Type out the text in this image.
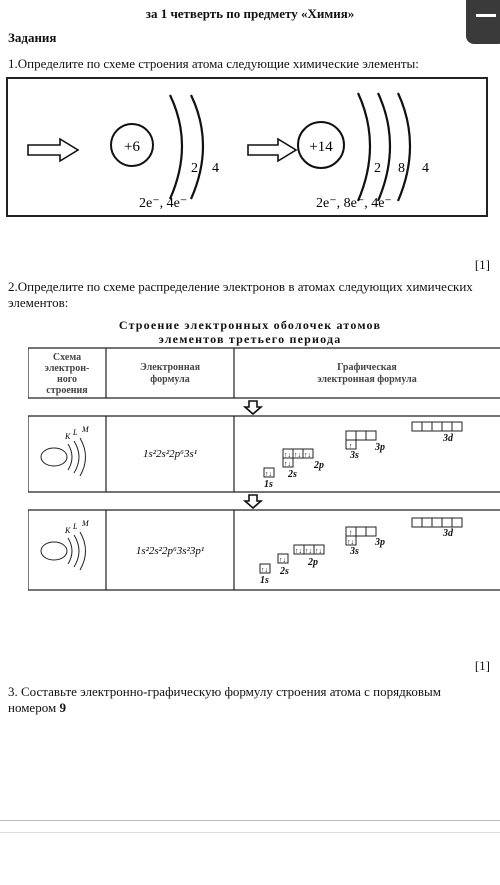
за 1 четверть по предмету «Химия»
Задания
1.Определите по схеме строения атома следующие химические элементы:
+6
2 4
2e⁻, 4e⁻
+14
2 8 4
2e⁻, 8e⁻, 4e⁻
[1]
2.Определите по схеме распределение электронов в атомах следующих химических элементов:
Строение электронных оболочек атомов
элементов третьего периода
Схема
электрон-
ного
строения
Электронная
формула
Графическая
электронная формула
K L M
1s²2s²2p⁶3s¹
K L M
1s²2s²2p⁶3s²3p¹
↑↓
↑↓
↑↓ ↑↓ ↑↓
↑
1s
2s
2p
3s
3p
3d
↑↓
↑↓
↑↓ ↑↓ ↑↓
↑↓
↑
1s
2s
2p
3s
3p
3d
[1]
3. Составьте электронно-графическую формулу строения атома с порядковым номером 9
